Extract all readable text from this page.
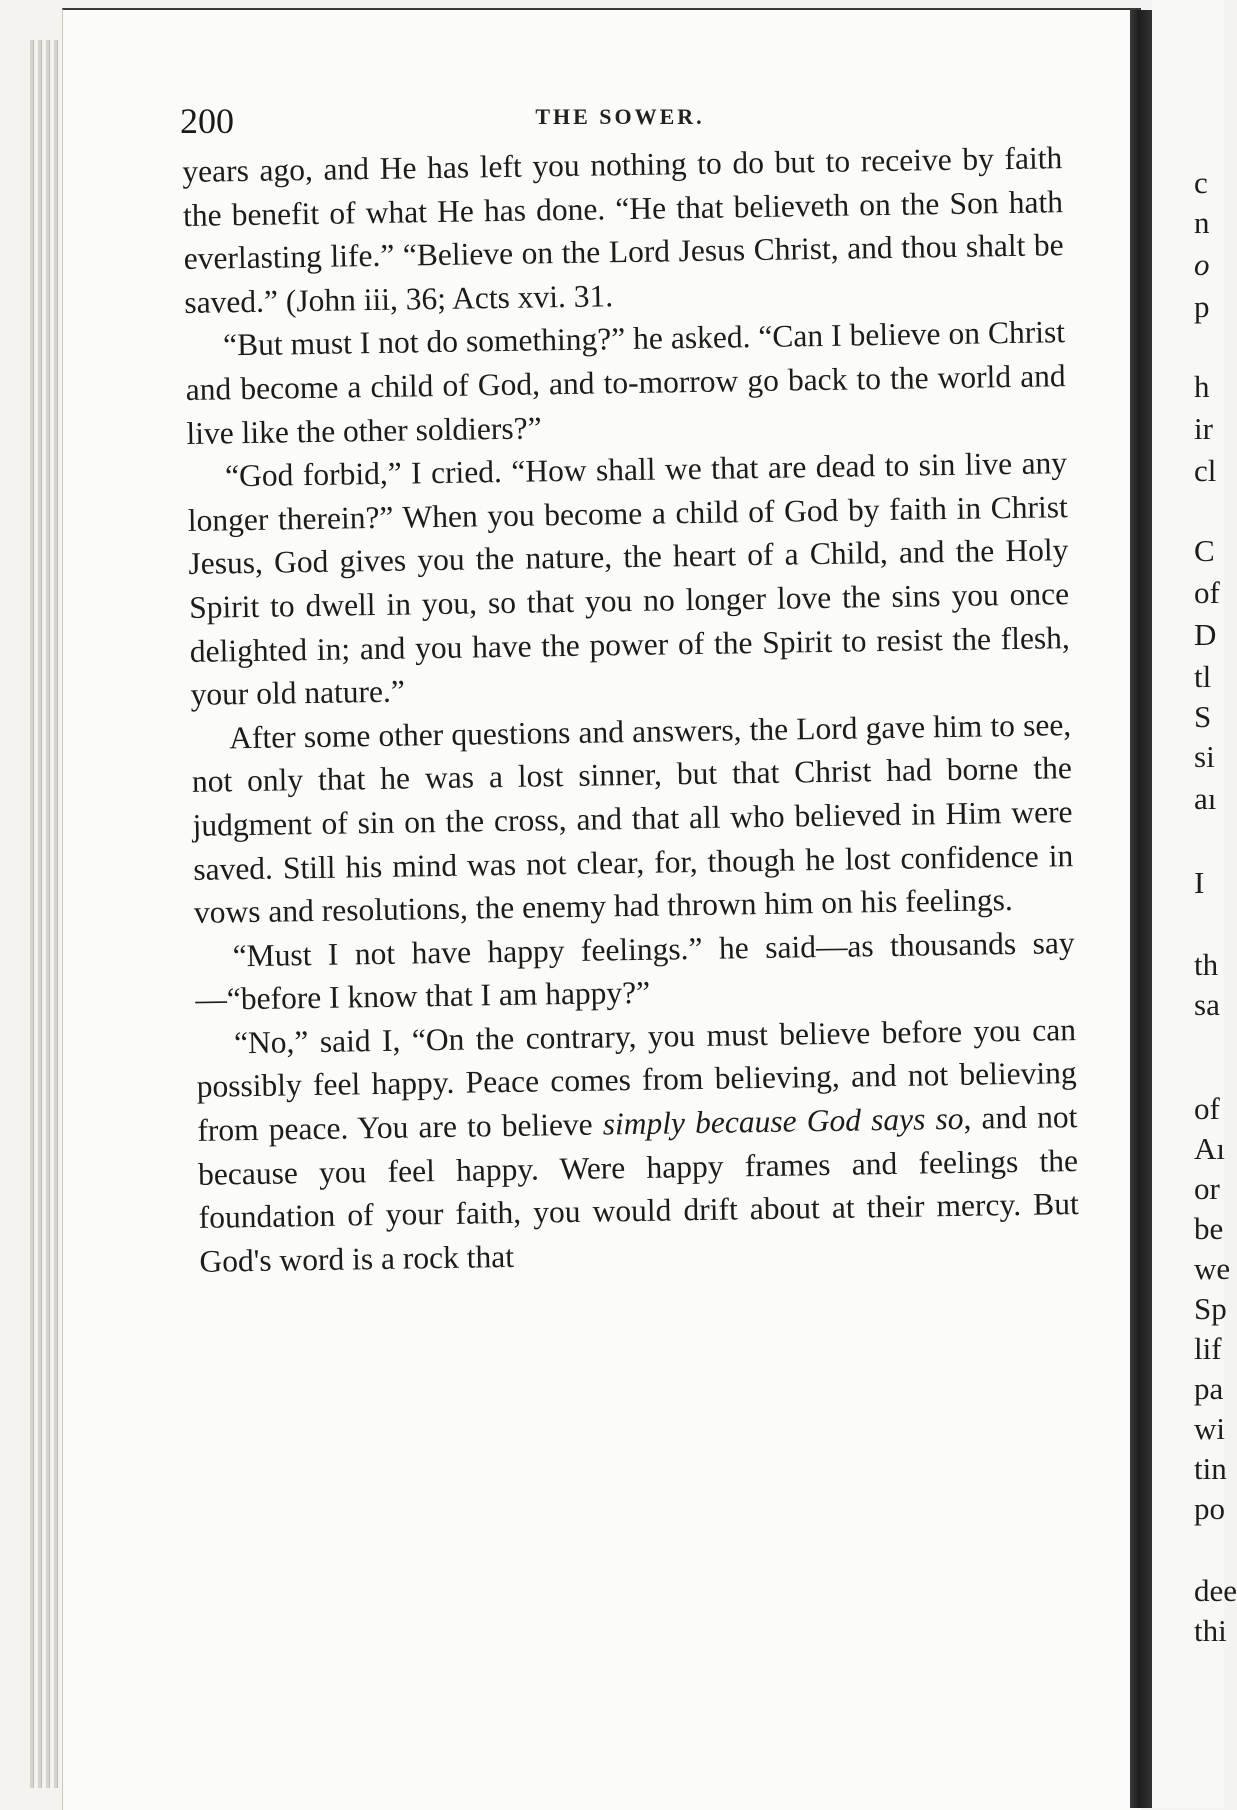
c
n
o
p
h
ir
cl
C
of
D
tl
S
si
aı
I
th
sa
of
Aı
or
be
we
Sp
lif
pa
wi
tin
po
dee
thi
200	THE SOWER.

years ago, and He has left you nothing to do but to receive by faith the benefit of what He has done. “He that believeth on the Son hath everlasting life.” “Believe on the Lord Jesus Christ, and thou shalt be saved.” (John iii, 36; Acts xvi. 31.

“But must I not do something?” he asked. “Can I believe on Christ and become a child of God, and to-morrow go back to the world and live like the other soldiers?”

“God forbid,” I cried. “How shall we that are dead to sin live any longer therein?” When you become a child of God by faith in Christ Jesus, God gives you the nature, the heart of a Child, and the Holy Spirit to dwell in you, so that you no longer love the sins you once delighted in; and you have the power of the Spirit to resist the flesh, your old nature.”

After some other questions and answers, the Lord gave him to see, not only that he was a lost sinner, but that Christ had borne the judgment of sin on the cross, and that all who believed in Him were saved. Still his mind was not clear, for, though he lost confidence in vows and resolutions, the enemy had thrown him on his feelings.

“Must I not have happy feelings.” he said—as thousands say—“before I know that I am happy?”

“No,” said I, “On the contrary, you must believe before you can possibly feel happy. Peace comes from believing, and not believing from peace. You are to believe simply because God says so, and not because you feel happy. Were happy frames and feelings the foundation of your faith, you would drift about at their mercy. But God's word is a rock that
